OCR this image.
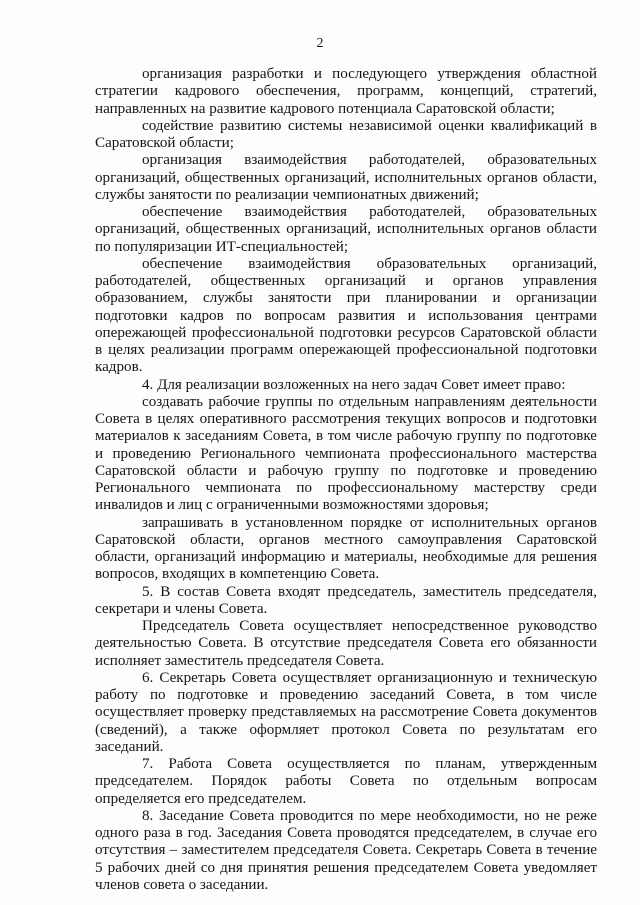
2

организация разработки и последующего утверждения областной стратегии кадрового обеспечения, программ, концепций, стратегий, направленных на развитие кадрового потенциала Саратовской области;

содействие развитию системы независимой оценки квалификаций в Саратовской области;

организация взаимодействия работодателей, образовательных организаций, общественных организаций, исполнительных органов области, службы занятости по реализации чемпионатных движений;

обеспечение взаимодействия работодателей, образовательных организаций, общественных организаций, исполнительных органов области по популяризации ИТ-специальностей;

обеспечение взаимодействия образовательных организаций, работодателей, общественных организаций и органов управления образованием, службы занятости при планировании и организации подготовки кадров по вопросам развития и использования центрами опережающей профессиональной подготовки ресурсов Саратовской области в целях реализации программ опережающей профессиональной подготовки кадров.

4. Для реализации возложенных на него задач Совет имеет право:

создавать рабочие группы по отдельным направлениям деятельности Совета в целях оперативного рассмотрения текущих вопросов и подготовки материалов к заседаниям Совета, в том числе рабочую группу по подготовке и проведению Регионального чемпионата профессионального мастерства Саратовской области и рабочую группу по подготовке и проведению Регионального чемпионата по профессиональному мастерству среди инвалидов и лиц с ограниченными возможностями здоровья;

запрашивать в установленном порядке от исполнительных органов Саратовской области, органов местного самоуправления Саратовской области, организаций информацию и материалы, необходимые для решения вопросов, входящих в компетенцию Совета.

5. В состав Совета входят председатель, заместитель председателя, секретари и члены Совета.

Председатель Совета осуществляет непосредственное руководство деятельностью Совета. В отсутствие председателя Совета его обязанности исполняет заместитель председателя Совета.

6. Секретарь Совета осуществляет организационную и техническую работу по подготовке и проведению заседаний Совета, в том числе осуществляет проверку представляемых на рассмотрение Совета документов (сведений), а также оформляет протокол Совета по результатам его заседаний.

7. Работа Совета осуществляется по планам, утвержденным председателем. Порядок работы Совета по отдельным вопросам определяется его председателем.

8. Заседание Совета проводится по мере необходимости, но не реже одного раза в год. Заседания Совета проводятся председателем, в случае его отсутствия – заместителем председателя Совета. Секретарь Совета в течение 5 рабочих дней со дня принятия решения председателем Совета уведомляет членов совета о заседании.
